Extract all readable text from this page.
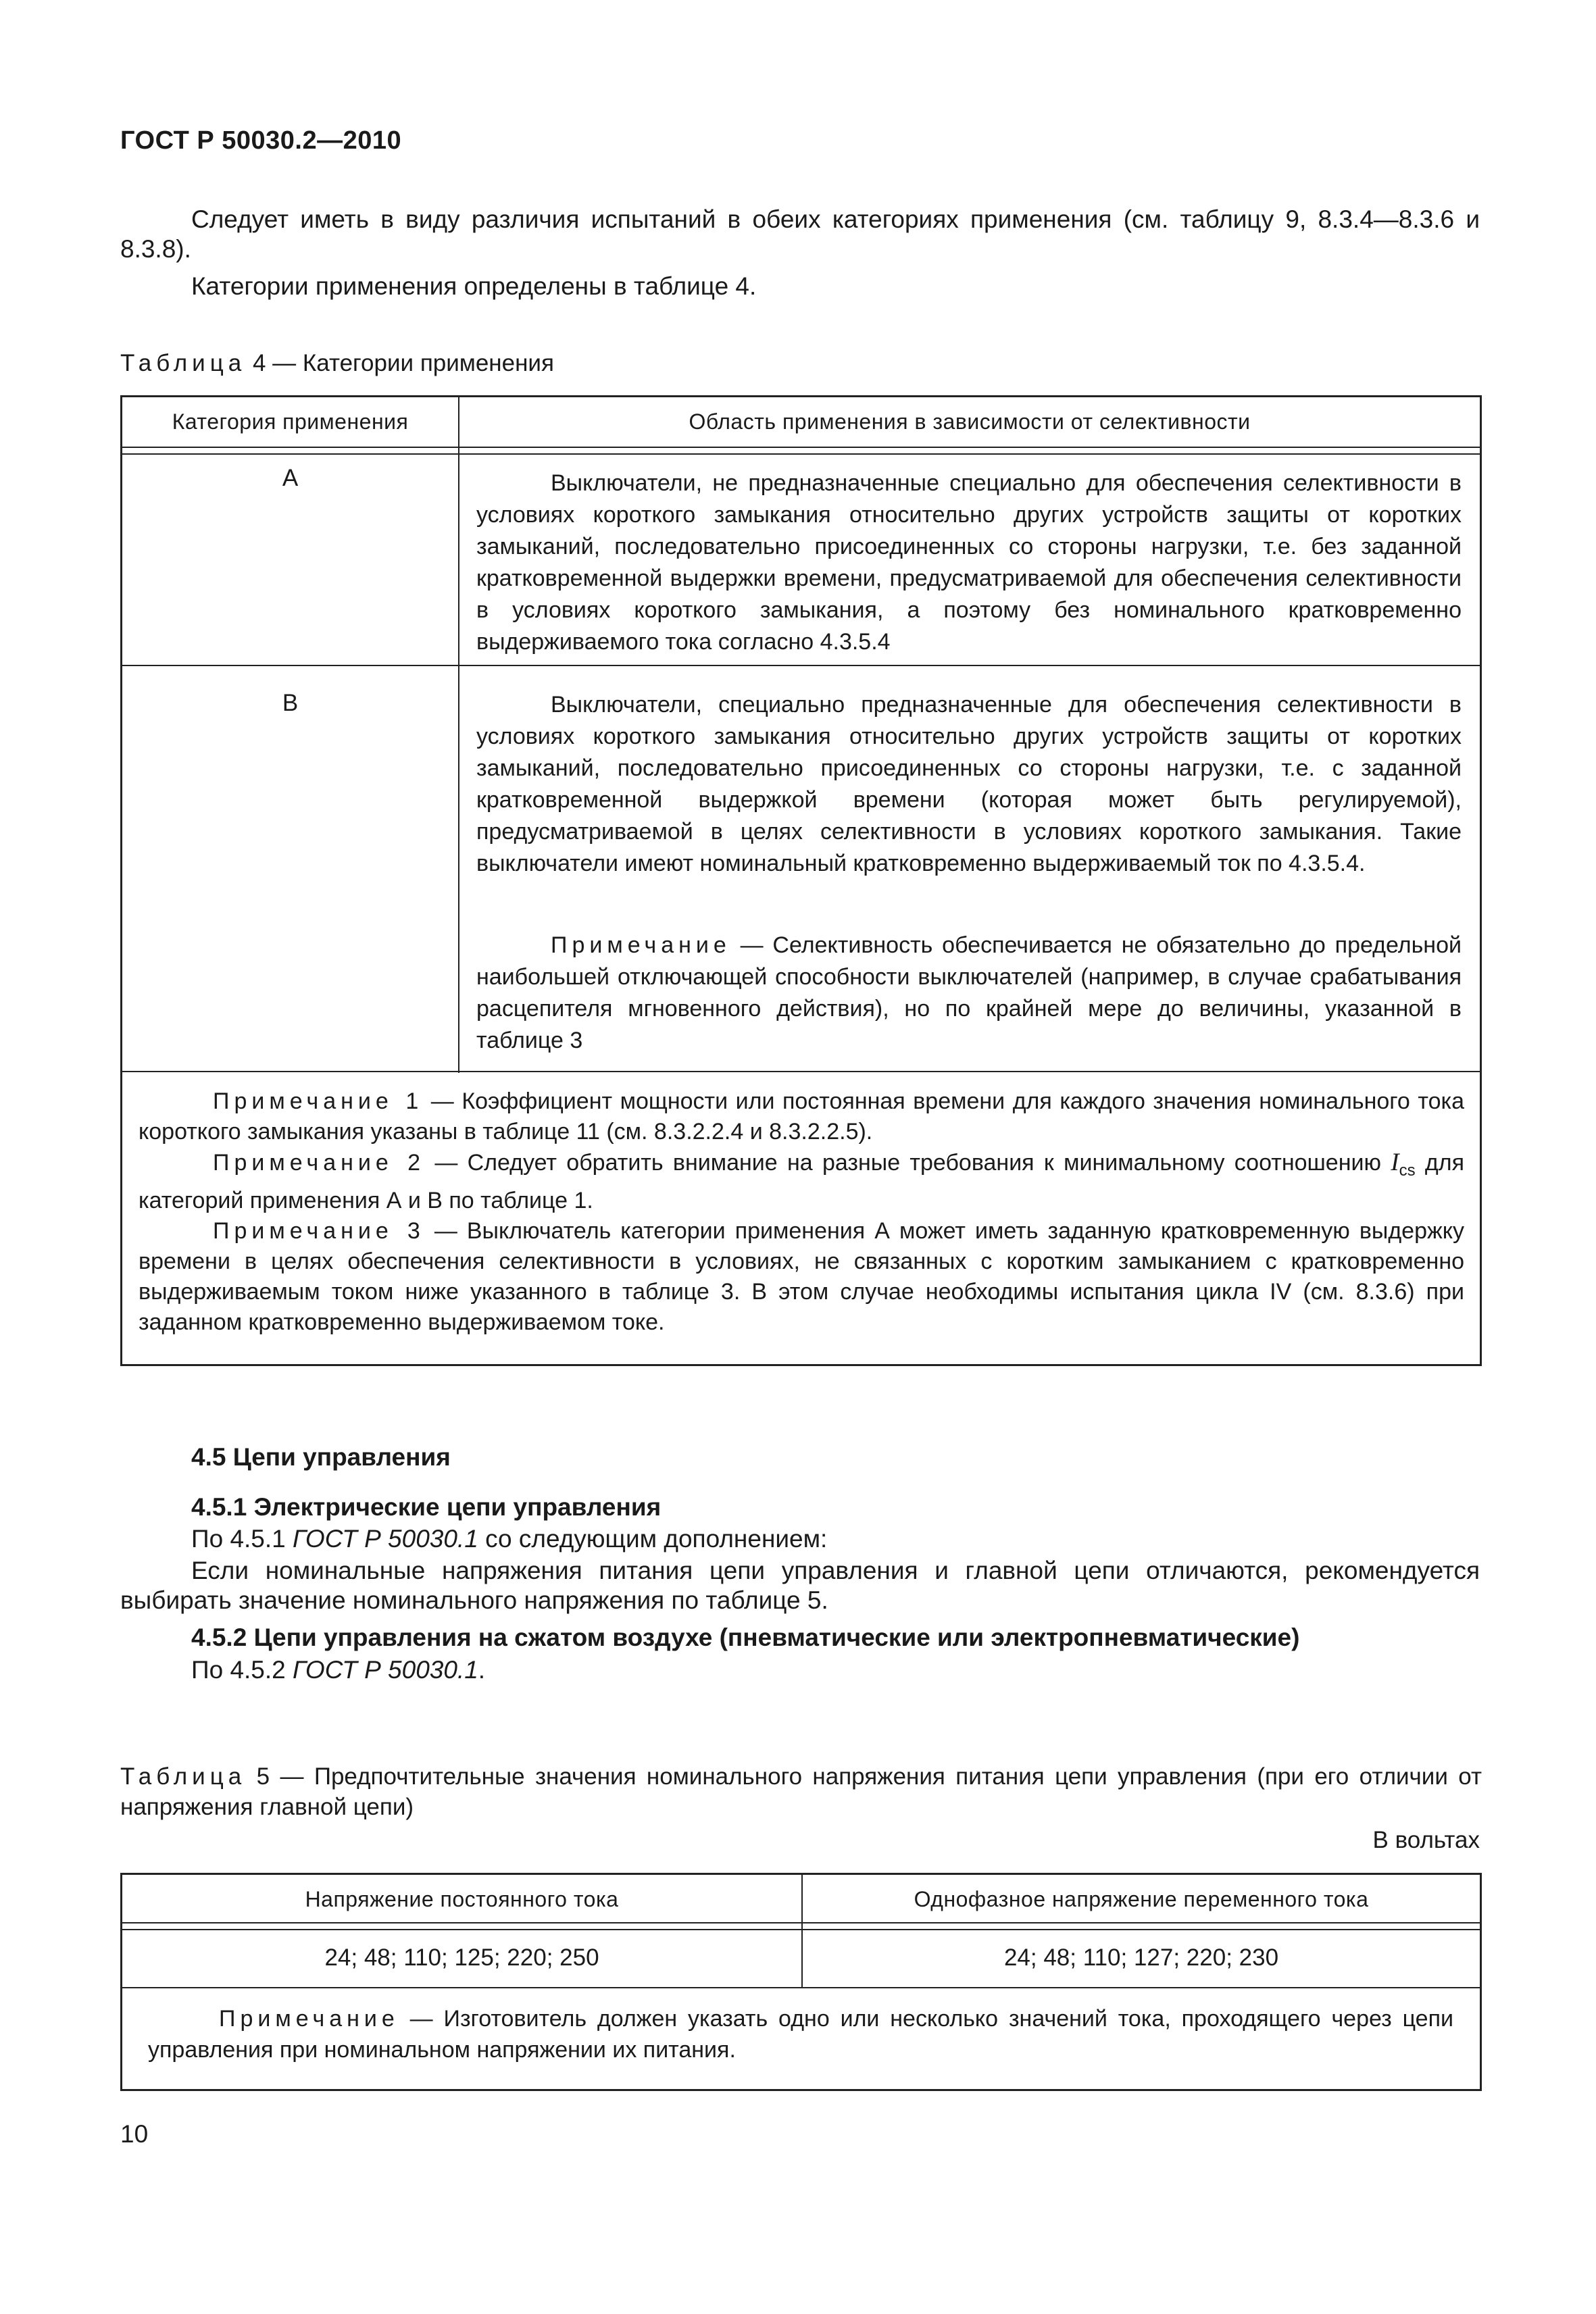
ГОСТ Р 50030.2—2010
Следует иметь в виду различия испытаний в обеих категориях применения (см. таблицу 9, 8.3.4—8.3.6 и 8.3.8).
Категории применения определены в таблице 4.
Таблица 4 — Категории применения
Категория применения	Область применения в зависимости от селективности
A	Выключатели, не предназначенные специально для обеспечения селективности в условиях короткого замыкания относительно других устройств защиты от коротких замыканий, последовательно присоединенных со стороны нагрузки, т.е. без заданной кратковременной выдержки времени, предусматриваемой для обеспечения селективности в условиях короткого замыкания, а поэтому без номинального кратковременно выдерживаемого тока согласно 4.3.5.4
B	Выключатели, специально предназначенные для обеспечения селективности в условиях короткого замыкания относительно других устройств защиты от коротких замыканий, последовательно присоединенных со стороны нагрузки, т.е. с заданной кратковременной выдержкой времени (которая может быть регулируемой), предусматриваемой в целях селективности в условиях короткого замыкания. Такие выключатели имеют номинальный кратковременно выдерживаемый ток по 4.3.5.4.
Примечание — Селективность обеспечивается не обязательно до предельной наибольшей отключающей способности выключателей (например, в случае срабатывания расцепителя мгновенного действия), но по крайней мере до величины, указанной в таблице 3
Примечание 1 — Коэффициент мощности или постоянная времени для каждого значения номинального тока короткого замыкания указаны в таблице 11 (см. 8.3.2.2.4 и 8.3.2.2.5).
Примечание 2 — Следует обратить внимание на разные требования к минимальному соотношению $I_{cs}$ для категорий применения А и В по таблице 1.
Примечание 3 — Выключатель категории применения А может иметь заданную кратковременную выдержку времени в целях обеспечения селективности в условиях, не связанных с коротким замыканием с кратковременно выдерживаемым током ниже указанного в таблице 3. В этом случае необходимы испытания цикла IV (см. 8.3.6) при заданном кратковременно выдерживаемом токе.
4.5 Цепи управления
4.5.1 Электрические цепи управления
По 4.5.1 ГОСТ Р 50030.1 со следующим дополнением:
Если номинальные напряжения питания цепи управления и главной цепи отличаются, рекомендуется выбирать значение номинального напряжения по таблице 5.
4.5.2 Цепи управления на сжатом воздухе (пневматические или электропневматические)
По 4.5.2 ГОСТ Р 50030.1.
Таблица 5 — Предпочтительные значения номинального напряжения питания цепи управления (при его отличии от напряжения главной цепи)
В вольтах
Напряжение постоянного тока	Однофазное напряжение переменного тока
24; 48; 110; 125; 220; 250	24; 48; 110; 127; 220; 230
Примечание — Изготовитель должен указать одно или несколько значений тока, проходящего через цепи управления при номинальном напряжении их питания.
10
